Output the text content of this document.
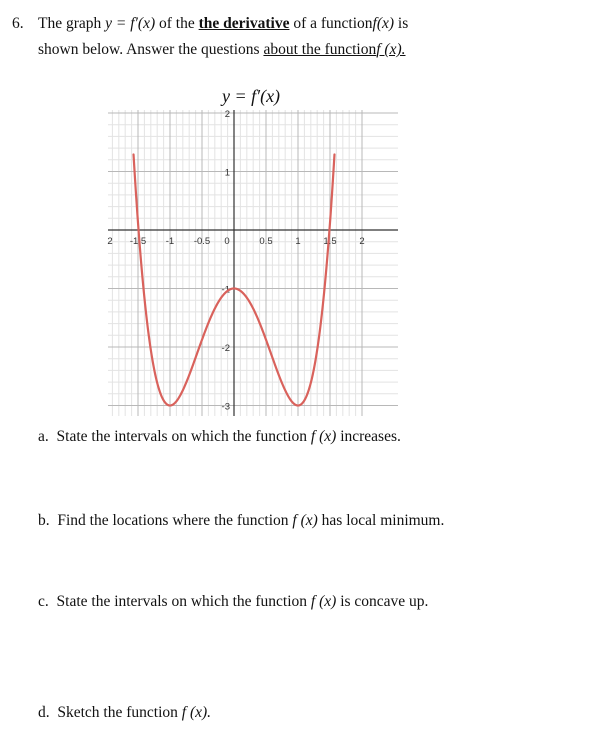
6. The graph y = f′(x) of the the derivative of a functionf(x) is
shown below. Answer the questions about the functionf (x).
y = f′(x)
-1.5 -1 -0.5 0	0.5 1 1.5 2
2
2
1
-1
-2
-3
a. State the intervals on which the function f (x) increases.
b. Find the locations where the function f (x) has local minimum.
c. State the intervals on which the function f (x) is concave up.
d. Sketch the function f (x).
